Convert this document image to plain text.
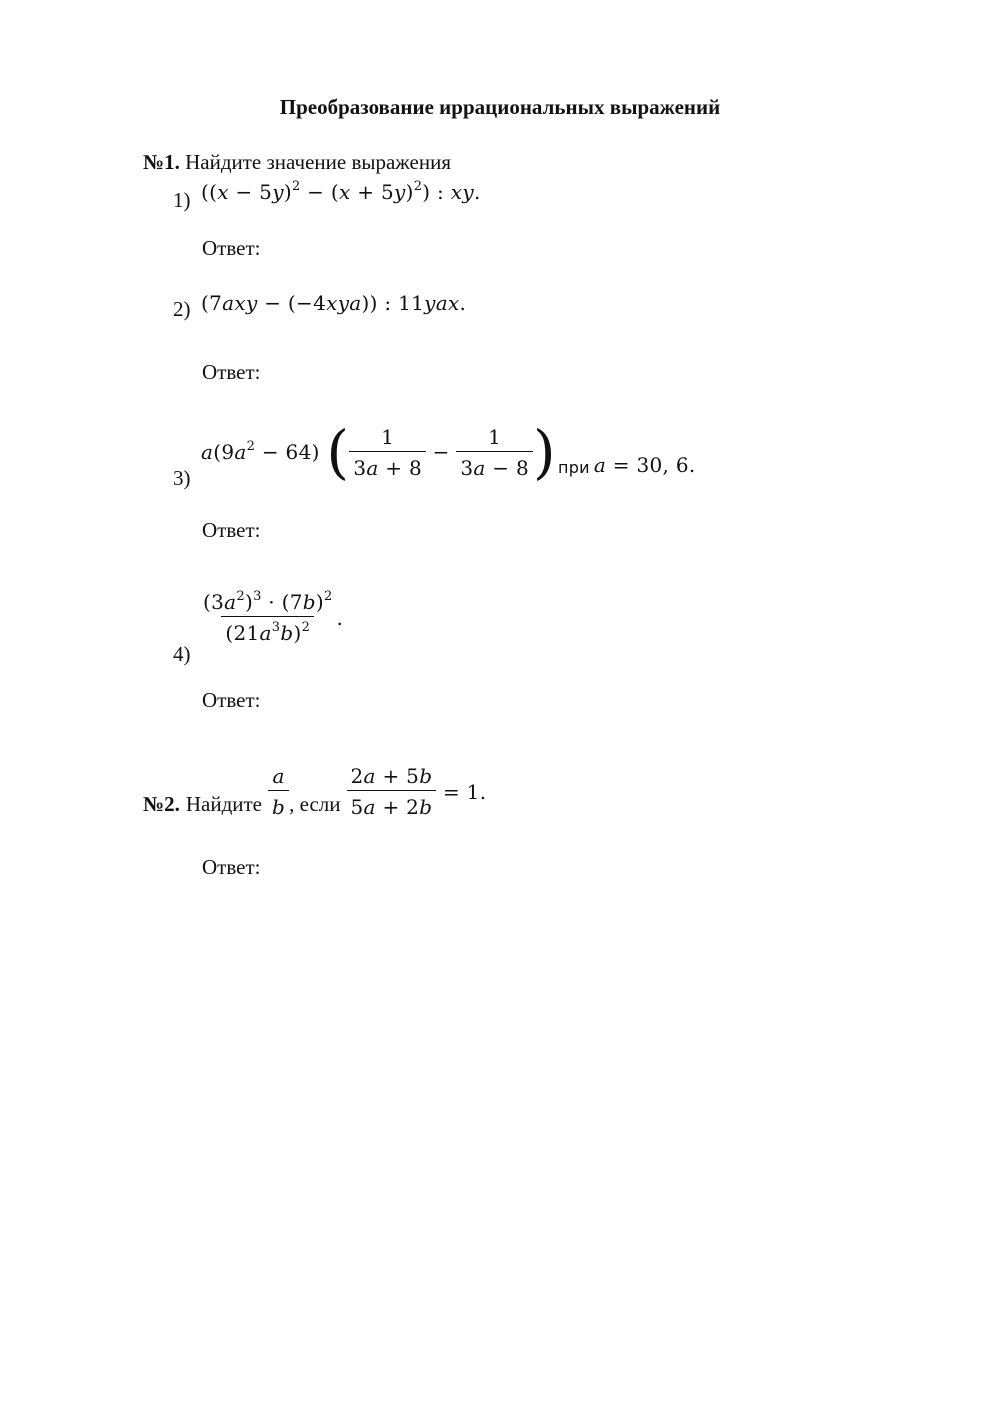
Преобразование иррациональных выражений
№1. Найдите значение выражения
1) $((x - 5y)^2 - (x + 5y)^2)$ : xy.
Ответ:
2) (7axy − (−4xya)) : 11yax.
Ответ:
3)
$a(9a^2 - 64)$ ( $\frac{1}{3a + 8} - \frac{1}{3a - 8}$ ) при a = 30, 6.
Ответ:
4)
$\frac{(3a^2)^3 \cdot (7b)^2}{(21a^3b)^2}$ .
Ответ:
№2. Найдите $\frac{a}{b}$ , если $\frac{2a + 5b}{5a + 2b} = 1$.
Ответ:
